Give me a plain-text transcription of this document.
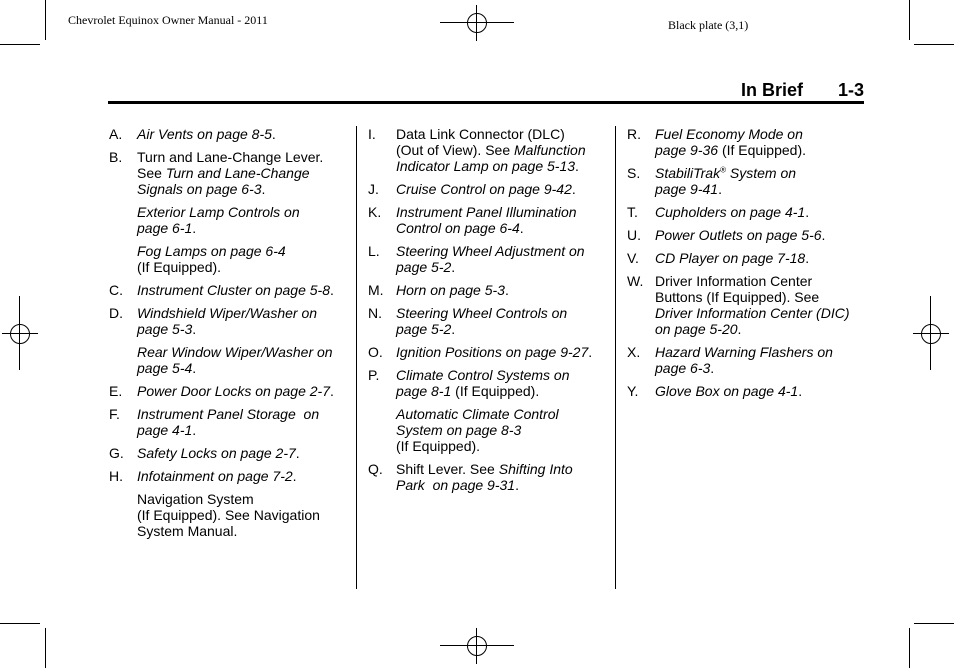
Chevrolet Equinox Owner Manual - 2011	Black plate (3,1)
In Brief 1-3
A.	Air Vents on page 8-5.
B.	Turn and Lane-Change Lever.
See Turn and Lane-Change
Signals on page 6-3.
Exterior Lamp Controls on
page 6-1.
Fog Lamps on page 6-4
(If Equipped).
C.	Instrument Cluster on page 5-8.
D.	Windshield Wiper/Washer on
page 5-3.
Rear Window Wiper/Washer on
page 5-4.
E.	Power Door Locks on page 2-7.
F.	Instrument Panel Storage  on
page 4-1.
G. Safety Locks on page 2-7.
H.	Infotainment on page 7-2.
Navigation System
(If Equipped). See Navigation
System Manual.
I.	Data Link Connector (DLC)
(Out of View). See Malfunction
Indicator Lamp on page 5-13.
J.	Cruise Control on page 9-42.
K.	Instrument Panel Illumination
Control on page 6-4.
L.	Steering Wheel Adjustment on
page 5-2.
M. Horn on page 5-3.
N.	Steering Wheel Controls on
page 5-2.
O. Ignition Positions on page 9-27.
P.	Climate Control Systems on
page 8-1 (If Equipped).
Automatic Climate Control
System on page 8-3
(If Equipped).
Q. Shift Lever. See Shifting Into
Park  on page 9-31.
R.	Fuel Economy Mode on
page 9-36 (If Equipped).
S.	StabiliTrak® System on
page 9-41.
T.	Cupholders on page 4-1.
U.	Power Outlets on page 5-6.
V.	CD Player on page 7-18.
W. Driver Information Center
Buttons (If Equipped). See
Driver Information Center (DIC)
on page 5-20.
X.	Hazard Warning Flashers on
page 6-3.
Y.	Glove Box on page 4-1.
